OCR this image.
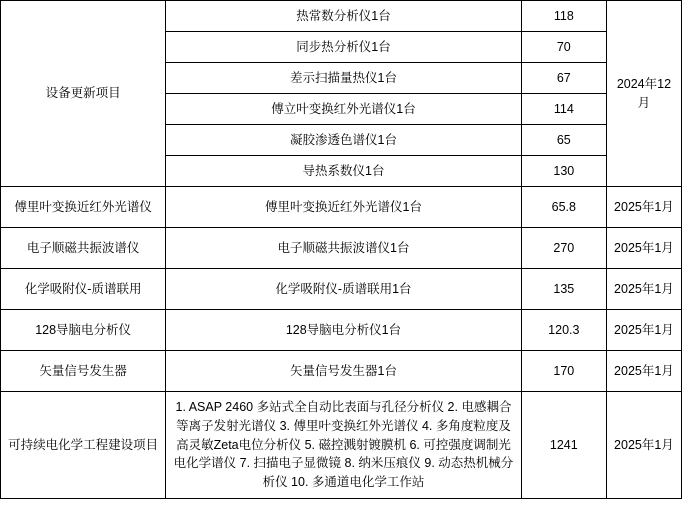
设备更新项目	热常数分析仪1台	118	2024年12月
	同步热分析仪1台	70	
	差示扫描量热仪1台	67	
	傅立叶变换红外光谱仪1台	114	
	凝胶渗透色谱仪1台	65	
	导热系数仪1台	130	
傅里叶变换近红外光谱仪	傅里叶变换近红外光谱仪1台	65.8	2025年1月
电子顺磁共振波谱仪	电子顺磁共振波谱仪1台	270	2025年1月
化学吸附仪-质谱联用	化学吸附仪-质谱联用1台	135	2025年1月
128导脑电分析仪	128导脑电分析仪1台	120.3	2025年1月
矢量信号发生器	矢量信号发生器1台	170	2025年1月
可持续电化学工程建设项目	1. ASAP 2460 多站式全自动比表面与孔径分析仪 2. 电感耦合等离子发射光谱仪 3. 傅里叶变换红外光谱仪 4. 多角度粒度及高灵敏Zeta电位分析仪 5. 磁控溅射镀膜机 6. 可控强度调制光电化学谱仪 7. 扫描电子显微镜 8. 纳米压痕仪 9. 动态热机械分析仪 10. 多通道电化学工作站	1241	2025年1月
